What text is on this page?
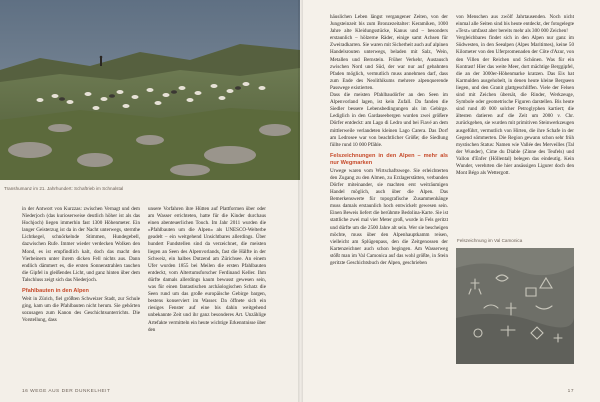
Transhumanz im 21. Jahrhundert: Schaftrieb im Schnalstal

in der Antwort von Kurzzas: zwischen Vernagt und dem Niederjoch (das kurioserweise deutlich höher ist als das Hochjoch) liegen immerhin fast 1300 Höhenmeter. Ein langer Geisterzug ist da in der Nacht unterwegs, sternthe Lichtkegel, schnörkelnde Stimmen, Hundegebell, dazwischen Rufe. Immer wieder verdecken Wolken den Mond, es ist empfindlich kalt, doch das macht den Vierbeinern unter ihrem dicken Fell nichts aus. Dann endlich dämmert es, die ersten Sonnenstrahlen tauchen die Gipfel in gleißendes Licht, und ganz hinten über dem Talschluss zeigt sich das Niederjoch.

Pfahlbauten in den Alpen

Weit in Zürich, fiel größten Schweizer Stadt, zur Schule ging, kam um die Pfahlbauten nicht herum. Sie gehörten sozusagen zum Kanon des Geschichtsunterrichts. Die Vorstellung, dass

unsere Vorfahren ihre Hütten auf Plattformen über oder am Wasser errichteten, hatte für die Kinder durchaus einen abenteuerlichen Touch. Im Jahr 2011 wurden die »Pfahlbauten um die Alpen« als UNESCO-Welterbe geadelt – ein weitgehend Unsichtbares allerdings. Über hundert Fundstellen sind da verzeichnet, die meisten liegen an Seen des Alpenvorlands, fast die Hälfte in der Schweiz, ein halbes Dutzend am Zürichsee. An einem Ufer wurden 1855 bei Meilen die ersten Pfahlbauten entdeckt, vom Altertumsforscher Ferdinand Keller. Ihm dürfte damals allerdings kaum bewusst gewesen sein, was für einen fantastischen archäologischen Schatz die Seen rund um das große europäische Gebirge bargen, bestens konserviert im Wasser. Da öffnete sich ein riesiges Fenster auf eine bis dahin weitgehend unbekannte Zeit und ihr ganz besonderes Art. Unzählige Artefakte vermitteln ein heute wichtige Erkenntnisse über den

16 WEGE AUS DER DUNKELHEIT

häuslichen Leben längst vergangener Zeiten, von der Jungsteinzeit bis zum Bronzezeitalter: Keramiken, 1000 Jahre alte Kleidungsstücke, Kanus und – besonders erstaunlich – hölzerne Räder, einige samt Achsen für Zweiradkarren. Sie waren mit Sicherheit auch auf alpinen Handelsrouten unterwegs, beladen mit Salz, Wein, Metallen und Bernstein. Früher Verkehr, Austausch zwischen Nord und Süd, der war nur auf gebahnten Pfaden möglich, vermutlich muss annehmen darf, dass zum Ende des Neolithikums mehrere alpenquerende Passwege existierten.

Dass die meisten Pfahlbaudörfer an den Seen im Alpenvorland lagen, ist kein Zufall. Da fanden die Siedler bessere Lebensbedingungen als im Gebirge. Lediglich in den Gardaseebergen wurden zwei größere Dörfer entdeckt: am Lago di Ledro und bei Fiavé an dem mittlerweile verlandeten kleinen Lago Carera. Das Dorf am Ledrosee war von beachtlicher Größe; die Siedlung füllte rund 10 000 Pfähle.

Felszeichnungen in den Alpen – mehr als nur Wegmarken

Urwege waren vom Wirtschaftswege. Sie erleichterten den Zugang zu den Almen, zu Erzlagerstätten, verbanden Dörfer miteinander, sie machten erst weiträumigen Handel möglich, auch über die Alpen. Das Bemerkenswerte für topografische Zusammenhänge muss damals erstaunlich hoch entwickelt gewesen sein. Einen Beweis liefert die berühmte Bedolina-Karte. Sie ist stattliche zwei mal vier Meter groß, wurde in Fels geritzt und dürfte um die 2500 Jahre alt sein. Wer sie bescheigen möchte, muss über den Alpenhauptkamm reisen, vielleicht am Splügenpass, den die Zeitgenossen der Kartenzeichner auch schon begingen. Am Wasserweg stößt man im Val Camonica auf das wohl größte, in Stein geritzte Geschichtsbuch der Alpen, geschrieben

von Menschen aus zwölf Jahrtausenden. Noch nicht einmal alle Seiten sind bis heute entdeckt, der fotogelegte »Text« umfasst aber bereits mehr als 300 000 Zeichen!

Vergleichbares findet sich in den Alpen nur ganz im Südwesten, in den Seealpen (Alpes Maritimes), keine 50 Kilometer von den Uferpromenaden der Côte d'Azur, von den Villen der Reichen und Schönen. Was für ein Kontrast! Hier das weite Meer, dort mächtige Berggipfel, die an der 3000er-Höhenmarke kratzen. Das Eis hat Karmulden ausgehobelt, in denen heute kleine Bergseen liegen, und den Granit glattgeschliffen. Viele der Felsen sind mit Zeichen übersät, die Rinder, Werkzeuge, Symbole oder geometrische Figuren darstellen. Bis heute sind rund 40 000 solcher Petroglyphen kartiert; die ältesten datieren auf die Zeit um 2000 v. Chr. zurückgehen, sie wurden mit primitiven Steinwerkzeugen ausgeführt, vermutlich von Hirten, die ihre Schafe in der Gegend sömmerten. Die Region gewann schon sehr früh mystischen Status: Namen wie Vallée des Merveilles (Tal der Wunder), Cime du Diable (Zinne des Teufels) und Vallon d'Enfer (Höllental) belegen das eindeutig. Kein Wunder, verehrten die hier ansässigen Ligurer doch den Mont Bégo als Wettergott.

Felszeichnung im Val Camonica
17
